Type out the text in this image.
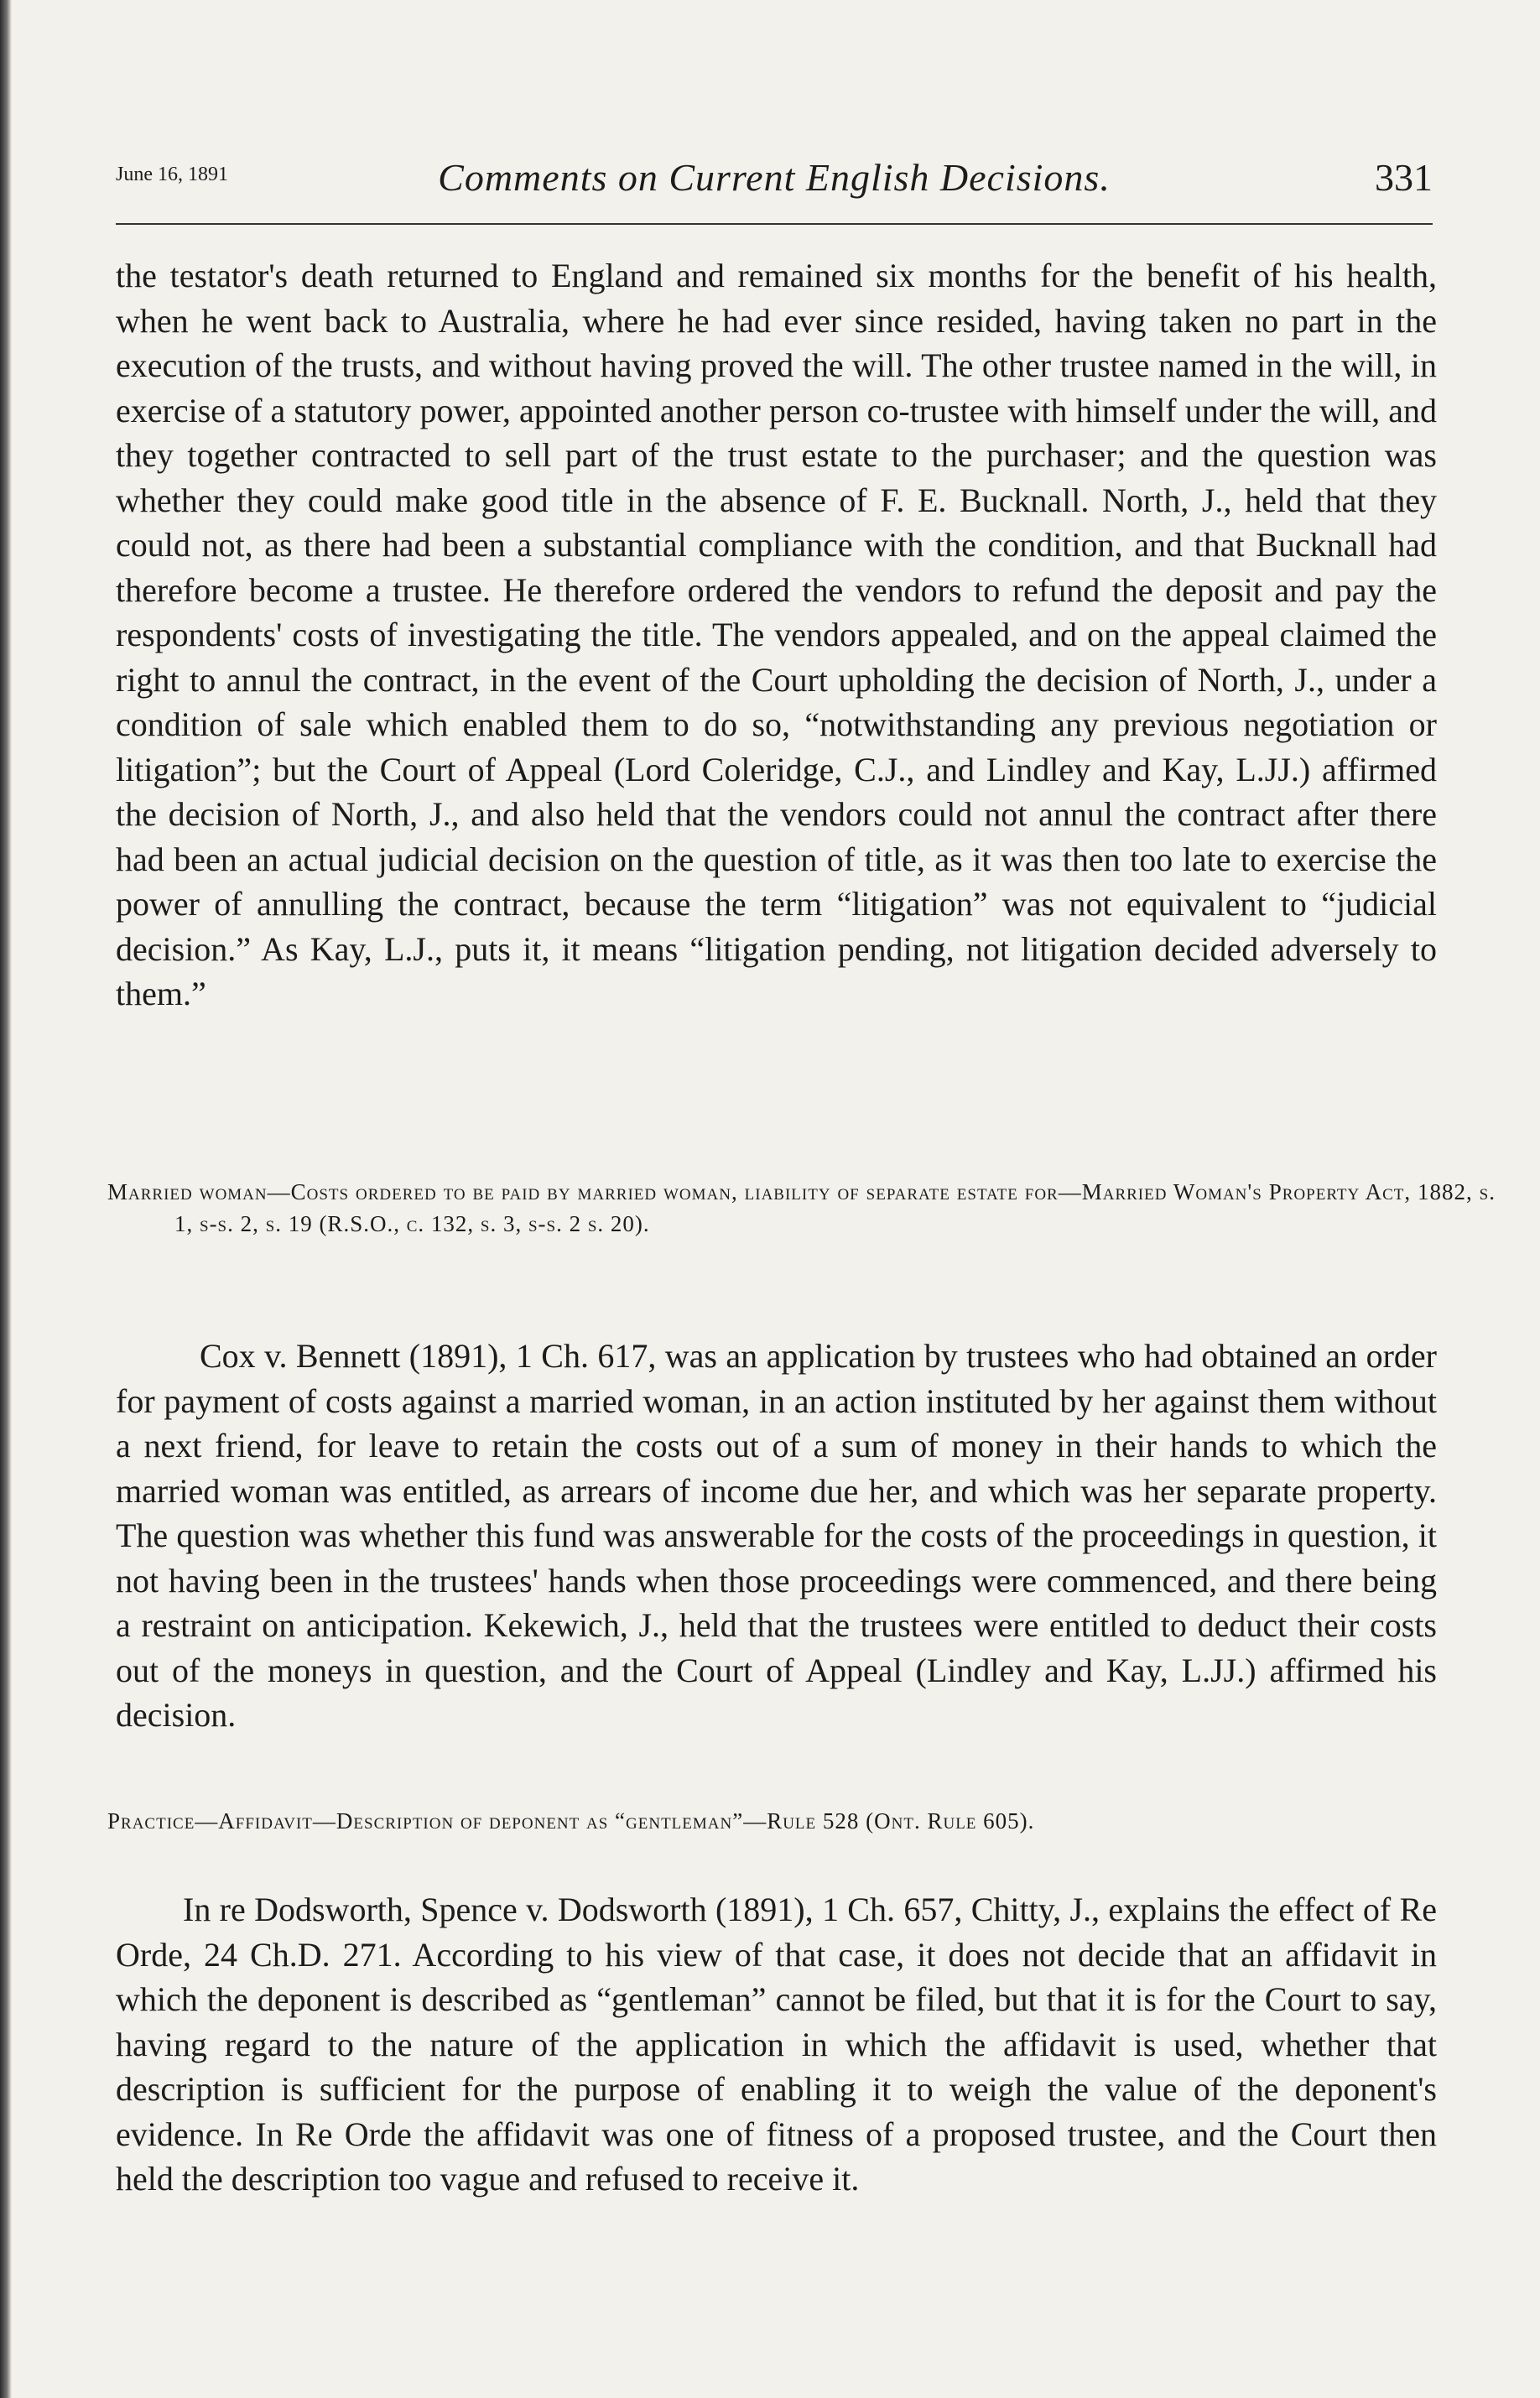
June 16, 1891	Comments on Current English Decisions.	331

the testator's death returned to England and remained six months for the benefit of his health, when he went back to Australia, where he had ever since resided, having taken no part in the execution of the trusts, and without having proved the will. The other trustee named in the will, in exercise of a statutory power, appointed another person co-trustee with himself under the will, and they together contracted to sell part of the trust estate to the purchaser; and the question was whether they could make good title in the absence of F. E. Bucknall. North, J., held that they could not, as there had been a substantial compliance with the condition, and that Bucknall had therefore become a trustee. He therefore ordered the vendors to refund the deposit and pay the respondents' costs of investigating the title. The vendors appealed, and on the appeal claimed the right to annul the contract, in the event of the Court upholding the decision of North, J., under a condition of sale which enabled them to do so, “notwithstanding any previous negotiation or litigation”; but the Court of Appeal (Lord Coleridge, C.J., and Lindley and Kay, L.JJ.) affirmed the decision of North, J., and also held that the vendors could not annul the contract after there had been an actual judicial decision on the question of title, as it was then too late to exercise the power of annulling the contract, because the term “litigation” was not equivalent to “judicial decision.” As Kay, L.J., puts it, it means “litigation pending, not litigation decided adversely to them.”

Married woman—Costs ordered to be paid by married woman, liability of separate estate for—Married Woman's Property Act, 1882, s. 1, s-s. 2, s. 19 (R.S.O., c. 132, s. 3, s-s. 2 s. 20).

Cox v. Bennett (1891), 1 Ch. 617, was an application by trustees who had obtained an order for payment of costs against a married woman, in an action instituted by her against them without a next friend, for leave to retain the costs out of a sum of money in their hands to which the married woman was entitled, as arrears of income due her, and which was her separate property. The question was whether this fund was answerable for the costs of the proceedings in question, it not having been in the trustees' hands when those proceedings were commenced, and there being a restraint on anticipation. Kekewich, J., held that the trustees were entitled to deduct their costs out of the moneys in question, and the Court of Appeal (Lindley and Kay, L.JJ.) affirmed his decision.

Practice—Affidavit—Description of deponent as “gentleman”—Rule 528 (Ont. Rule 605).

In re Dodsworth, Spence v. Dodsworth (1891), 1 Ch. 657, Chitty, J., explains the effect of Re Orde, 24 Ch.D. 271. According to his view of that case, it does not decide that an affidavit in which the deponent is described as “gentleman” cannot be filed, but that it is for the Court to say, having regard to the nature of the application in which the affidavit is used, whether that description is sufficient for the purpose of enabling it to weigh the value of the deponent's evidence. In Re Orde the affidavit was one of fitness of a proposed trustee, and the Court then held the description too vague and refused to receive it.
